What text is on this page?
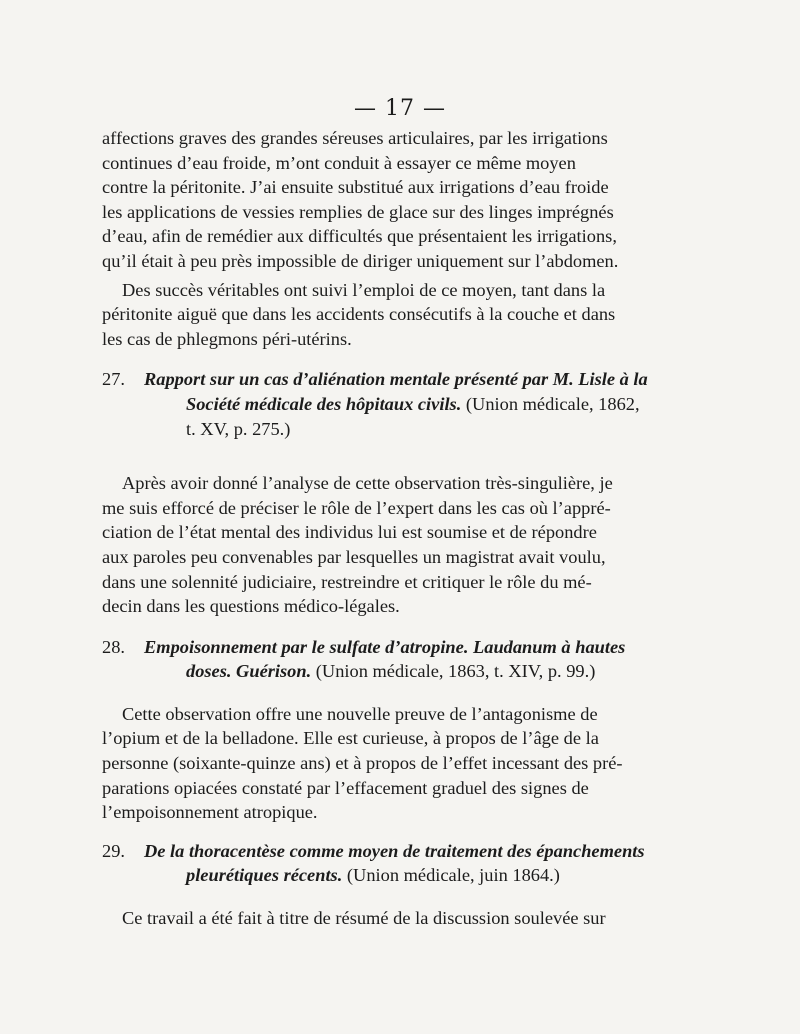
— 17 —

affections graves des grandes séreuses articulaires, par les irrigations

continues d’eau froide, m’ont conduit à essayer ce même moyen

contre la péritonite. J’ai ensuite substitué aux irrigations d’eau froide

les applications de vessies remplies de glace sur des linges imprégnés

d’eau, afin de remédier aux difficultés que présentaient les irrigations,

qu’il était à peu près impossible de diriger uniquement sur l’abdomen.

Des succès véritables ont suivi l’emploi de ce moyen, tant dans la

péritonite aiguë que dans les accidents consécutifs à la couche et dans

les cas de phlegmons péri-utérins.

27. Rapport sur un cas d’aliénation mentale présenté par M. Lisle à la

Société médicale des hôpitaux civils. (Union médicale, 1862,

t. XV, p. 275.)

Après avoir donné l’analyse de cette observation très-singulière, je

me suis efforcé de préciser le rôle de l’expert dans les cas où l’appré-

ciation de l’état mental des individus lui est soumise et de répondre

aux paroles peu convenables par lesquelles un magistrat avait voulu,

dans une solennité judiciaire, restreindre et critiquer le rôle du mé-

decin dans les questions médico-légales.

28. Empoisonnement par le sulfate d’atropine. Laudanum à hautes

doses. Guérison. (Union médicale, 1863, t. XIV, p. 99.)

Cette observation offre une nouvelle preuve de l’antagonisme de

l’opium et de la belladone. Elle est curieuse, à propos de l’âge de la

personne (soixante-quinze ans) et à propos de l’effet incessant des pré-

parations opiacées constaté par l’effacement graduel des signes de

l’empoisonnement atropique.

29. De la thoracentèse comme moyen de traitement des épanchements

pleurétiques récents. (Union médicale, juin 1864.)

Ce travail a été fait à titre de résumé de la discussion soulevée sur
